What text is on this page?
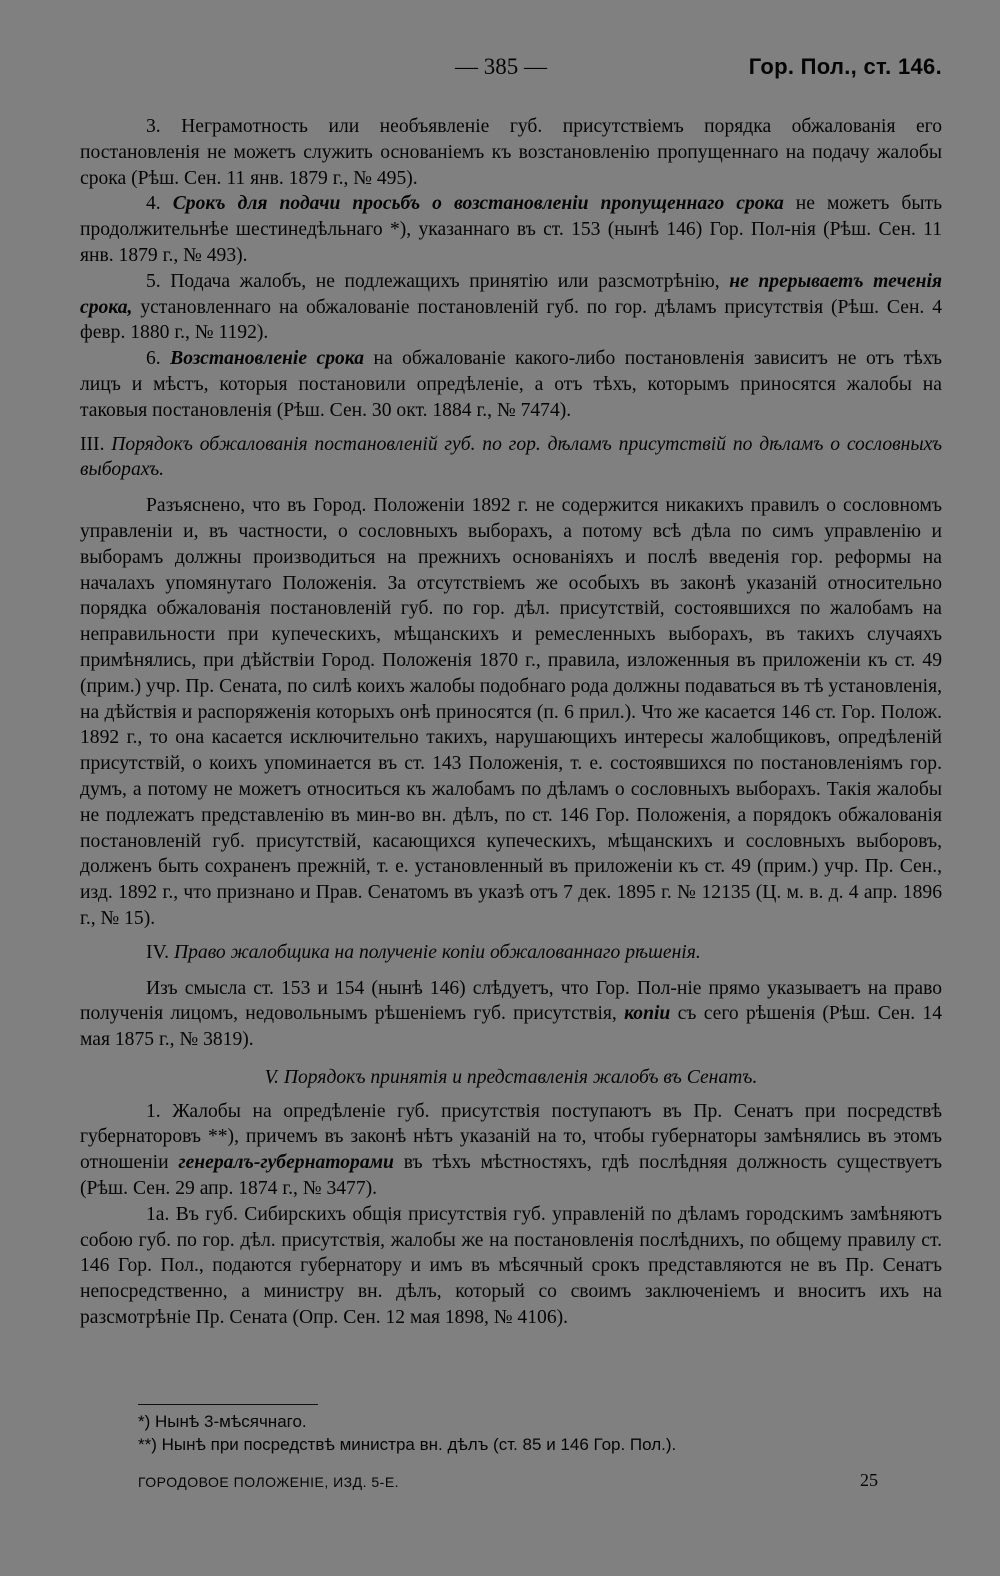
— 385 —	Гор. Пол., ст. 146.

3. Неграмотность или необъявленіе губ. присутствіемъ порядка обжалованія его постановленія не можетъ служить основаніемъ къ возстановленію пропущеннаго на подачу жалобы срока (Рѣш. Сен. 11 янв. 1879 г., № 495).

4. Срокъ для подачи просьбъ о возстановленіи пропущеннаго срока не можетъ быть продолжительнѣе шестинедѣльнаго *), указаннаго въ ст. 153 (нынѣ 146) Гор. Пол-нія (Рѣш. Сен. 11 янв. 1879 г., № 493).

5. Подача жалобъ, не подлежащихъ принятію или разсмотрѣнію, не прерываетъ теченія срока, установленнаго на обжалованіе постановленій губ. по гор. дѣламъ присутствія (Рѣш. Сен. 4 февр. 1880 г., № 1192).

6. Возстановленіе срока на обжалованіе какого-либо постановленія зависитъ не отъ тѣхъ лицъ и мѣстъ, которыя постановили опредѣленіе, а отъ тѣхъ, которымъ приносятся жалобы на таковыя постановленія (Рѣш. Сен. 30 окт. 1884 г., № 7474).

III. Порядокъ обжалованія постановленій губ. по гор. дѣламъ присутствій по дѣламъ о сословныхъ выборахъ.

Разъяснено, что въ Город. Положеніи 1892 г. не содержится никакихъ правилъ о сословномъ управленіи и, въ частности, о сословныхъ выборахъ, а потому всѣ дѣла по симъ управленію и выборамъ должны производиться на прежнихъ основаніяхъ и послѣ введенія гор. реформы на началахъ упомянутаго Положенія. За отсутствіемъ же особыхъ въ законѣ указаній относительно порядка обжалованія постановленій губ. по гор. дѣл. присутствій, состоявшихся по жалобамъ на неправильности при купеческихъ, мѣщанскихъ и ремесленныхъ выборахъ, въ такихъ случаяхъ примѣнялись, при дѣйствіи Город. Положенія 1870 г., правила, изложенныя въ приложеніи къ ст. 49 (прим.) учр. Пр. Сената, по силѣ коихъ жалобы подобнаго рода должны подаваться въ тѣ установленія, на дѣйствія и распоряженія которыхъ онѣ приносятся (п. 6 прил.). Что же касается 146 ст. Гор. Полож. 1892 г., то она касается исключительно такихъ, нарушающихъ интересы жалобщиковъ, опредѣленій присутствій, о коихъ упоминается въ ст. 143 Положенія, т. е. состоявшихся по постановленіямъ гор. думъ, а потому не можетъ относиться къ жалобамъ по дѣламъ о сословныхъ выборахъ. Такія жалобы не подлежатъ представленію въ мин-во вн. дѣлъ, по ст. 146 Гор. Положенія, а порядокъ обжалованія постановленій губ. присутствій, касающихся купеческихъ, мѣщанскихъ и сословныхъ выборовъ, долженъ быть сохраненъ прежній, т. е. установленный въ приложеніи къ ст. 49 (прим.) учр. Пр. Сен., изд. 1892 г., что признано и Прав. Сенатомъ въ указѣ отъ 7 дек. 1895 г. № 12135 (Ц. м. в. д. 4 апр. 1896 г., № 15).

IV. Право жалобщика на полученіе копіи обжалованнаго рѣшенія.

Изъ смысла ст. 153 и 154 (нынѣ 146) слѣдуетъ, что Гор. Пол-ніе прямо указываетъ на право полученія лицомъ, недовольнымъ рѣшеніемъ губ. присутствія, копіи съ сего рѣшенія (Рѣш. Сен. 14 мая 1875 г., № 3819).

V. Порядокъ принятія и представленія жалобъ въ Сенатъ.

1. Жалобы на опредѣленіе губ. присутствія поступаютъ въ Пр. Сенатъ при посредствѣ губернаторовъ **), причемъ въ законѣ нѣтъ указаній на то, чтобы губернаторы замѣнялись въ этомъ отношеніи генералъ-губернаторами въ тѣхъ мѣстностяхъ, гдѣ послѣдняя должность существуетъ (Рѣш. Сен. 29 апр. 1874 г., № 3477).

1а. Въ губ. Сибирскихъ общія присутствія губ. управленій по дѣламъ городскимъ замѣняютъ собою губ. по гор. дѣл. присутствія, жалобы же на постановленія послѣднихъ, по общему правилу ст. 146 Гор. Пол., подаются губернатору и имъ въ мѣсячный срокъ представляются не въ Пр. Сенатъ непосредственно, а министру вн. дѣлъ, который со своимъ заключеніемъ и вноситъ ихъ на разсмотрѣніе Пр. Сената (Опр. Сен. 12 мая 1898, № 4106).

*) Нынѣ 3-мѣсячнаго.
**) Нынѣ при посредствѣ министра вн. дѣлъ (ст. 85 и 146 Гор. Пол.).
ГОРОДОВОЕ ПОЛОЖЕНІЕ, ИЗД. 5-Е.	25
